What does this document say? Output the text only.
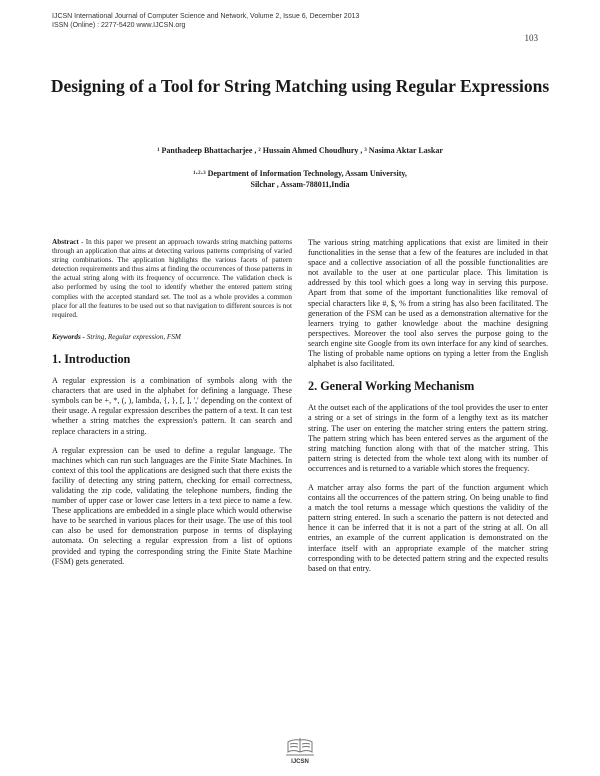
IJCSN International Journal of Computer Science and Network, Volume 2, Issue 6, December 2013
ISSN (Online) : 2277-5420 www.IJCSN.org
103
Designing of a Tool for String Matching using Regular Expressions
¹ Panthadeep Bhattacharjee , ² Hussain Ahmed Choudhury , ³ Nasima Aktar Laskar
¹·²·³ Department of Information Technology, Assam University,
Silchar , Assam-788011,India

Abstract - In this paper we present an approach towards string matching patterns through an application that aims at detecting various patterns comprising of varied string combinations. The application highlights the various facets of pattern detection requirements and thus aims at finding the occurrences of those patterns in the actual string along with its frequency of occurrence. The validation check is also performed by using the tool to identify whether the entered pattern string complies with the accepted standard set. The tool as a whole provides a common place for all the features to be used out so that navigation to different sources is not required.

Keywords - String, Regular expression, FSM

1. Introduction

A regular expression is a combination of symbols along with the characters that are used in the alphabet for defining a language. These symbols can be +, *, (, ), lambda, {, }, [, ], ',' depending on the context of their usage. A regular expression describes the pattern of a text. It can test whether a string matches the expression's pattern. It can search and replace characters in a string.

A regular expression can be used to define a regular language. The machines which can run such languages are the Finite State Machines. In context of this tool the applications are designed such that there exists the facility of detecting any string pattern, checking for email correctness, validating the zip code, validating the telephone numbers, finding the number of upper case or lower case letters in a text piece to name a few. These applications are embedded in a single place which would otherwise have to be searched in various places for their usage. The use of this tool can also be used for demonstration purpose in terms of displaying automata. On selecting a regular expression from a list of options provided and typing the corresponding string the Finite State Machine (FSM) gets generated.

The various string matching applications that exist are limited in their functionalities in the sense that a few of the features are included in that space and a collective association of all the possible functionalities are not available to the user at one particular place. This limitation is addressed by this tool which goes a long way in serving this purpose. Apart from that some of the important functionalities like removal of special characters like #, $, % from a string has also been facilitated. The generation of the FSM can be used as a demonstration alternative for the learners trying to gather knowledge about the machine designing perspectives. Moreover the tool also serves the purpose going to the search engine site Google from its own interface for any kind of searches. The listing of probable name options on typing a letter from the English alphabet is also facilitated.

2. General Working Mechanism

At the outset each of the applications of the tool provides the user to enter a string or a set of strings in the form of a lengthy text as its matcher string. The user on entering the matcher string enters the pattern string. The pattern string which has been entered serves as the argument of the string matching function along with that of the matcher string. This pattern string is detected from the whole text along with its number of occurrences and is returned to a variable which stores the frequency.

A matcher array also forms the part of the function argument which contains all the occurrences of the pattern string. On being unable to find a match the tool returns a message which questions the validity of the pattern string entered. In such a scenario the pattern is not detected and hence it can be inferred that it is not a part of the string at all. On all entries, an example of the current application is demonstrated on the interface itself with an appropriate example of the matcher string corresponding with to be detected pattern string and the expected results based on that entry.

IJCSN
